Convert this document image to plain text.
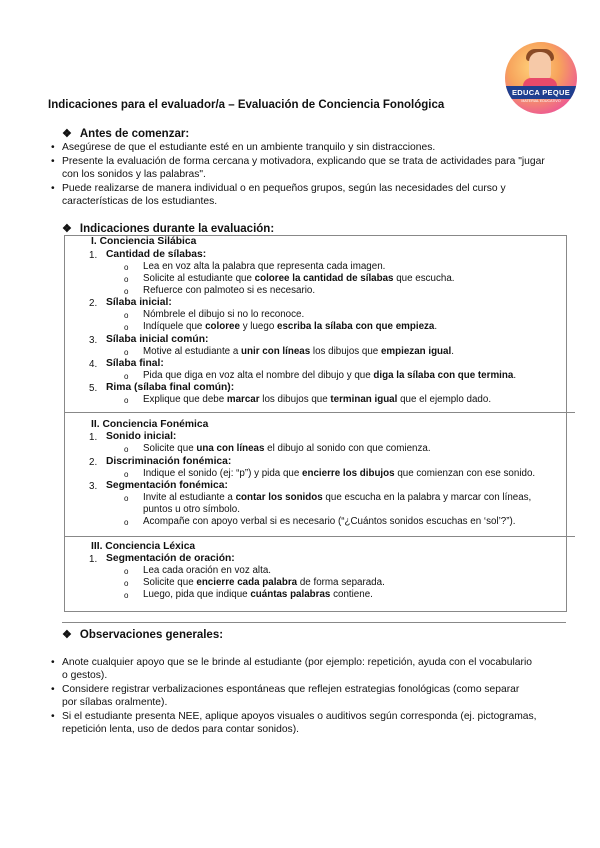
EDUCA PEQUE
MATERIAL EDUCATIVO
Indicaciones para el evaluador/a – Evaluación de Conciencia Fonológica
❖ Antes de comenzar:
• Asegúrese de que el estudiante esté en un ambiente tranquilo y sin distracciones.
• Presente la evaluación de forma cercana y motivadora, explicando que se trata de actividades para "jugar con los sonidos y las palabras".
• Puede realizarse de manera individual o en pequeños grupos, según las necesidades del curso y características de los estudiantes.
❖ Indicaciones durante la evaluación:
I. Conciencia Silábica
1. Cantidad de sílabas:
o Lea en voz alta la palabra que representa cada imagen.
o Solicite al estudiante que coloree la cantidad de sílabas que escucha.
o Refuerce con palmoteo si es necesario.
2. Sílaba inicial:
o Nómbrele el dibujo si no lo reconoce.
o Indíquele que coloree y luego escriba la sílaba con que empieza.
3. Sílaba inicial común:
o Motive al estudiante a unir con líneas los dibujos que empiezan igual.
4. Sílaba final:
o Pida que diga en voz alta el nombre del dibujo y que diga la sílaba con que termina.
5. Rima (sílaba final común):
o Explique que debe marcar los dibujos que terminan igual que el ejemplo dado.
II. Conciencia Fonémica
1. Sonido inicial:
o Solicite que una con líneas el dibujo al sonido con que comienza.
2. Discriminación fonémica:
o Indique el sonido (ej: “p”) y pida que encierre los dibujos que comienzan con ese sonido.
3. Segmentación fonémica:
o Invite al estudiante a contar los sonidos que escucha en la palabra y marcar con líneas,
puntos u otro símbolo.
o Acompañe con apoyo verbal si es necesario (“¿Cuántos sonidos escuchas en ‘sol’?”).
III. Conciencia Léxica
1. Segmentación de oración:
o Lea cada oración en voz alta.
o Solicite que encierre cada palabra de forma separada.
o Luego, pida que indique cuántas palabras contiene.
❖ Observaciones generales:
• Anote cualquier apoyo que se le brinde al estudiante (por ejemplo: repetición, ayuda con el vocabulario o gestos).
• Considere registrar verbalizaciones espontáneas que reflejen estrategias fonológicas (como separar por sílabas oralmente).
• Si el estudiante presenta NEE, aplique apoyos visuales o auditivos según corresponda (ej. pictogramas, repetición lenta, uso de dedos para contar sonidos).
